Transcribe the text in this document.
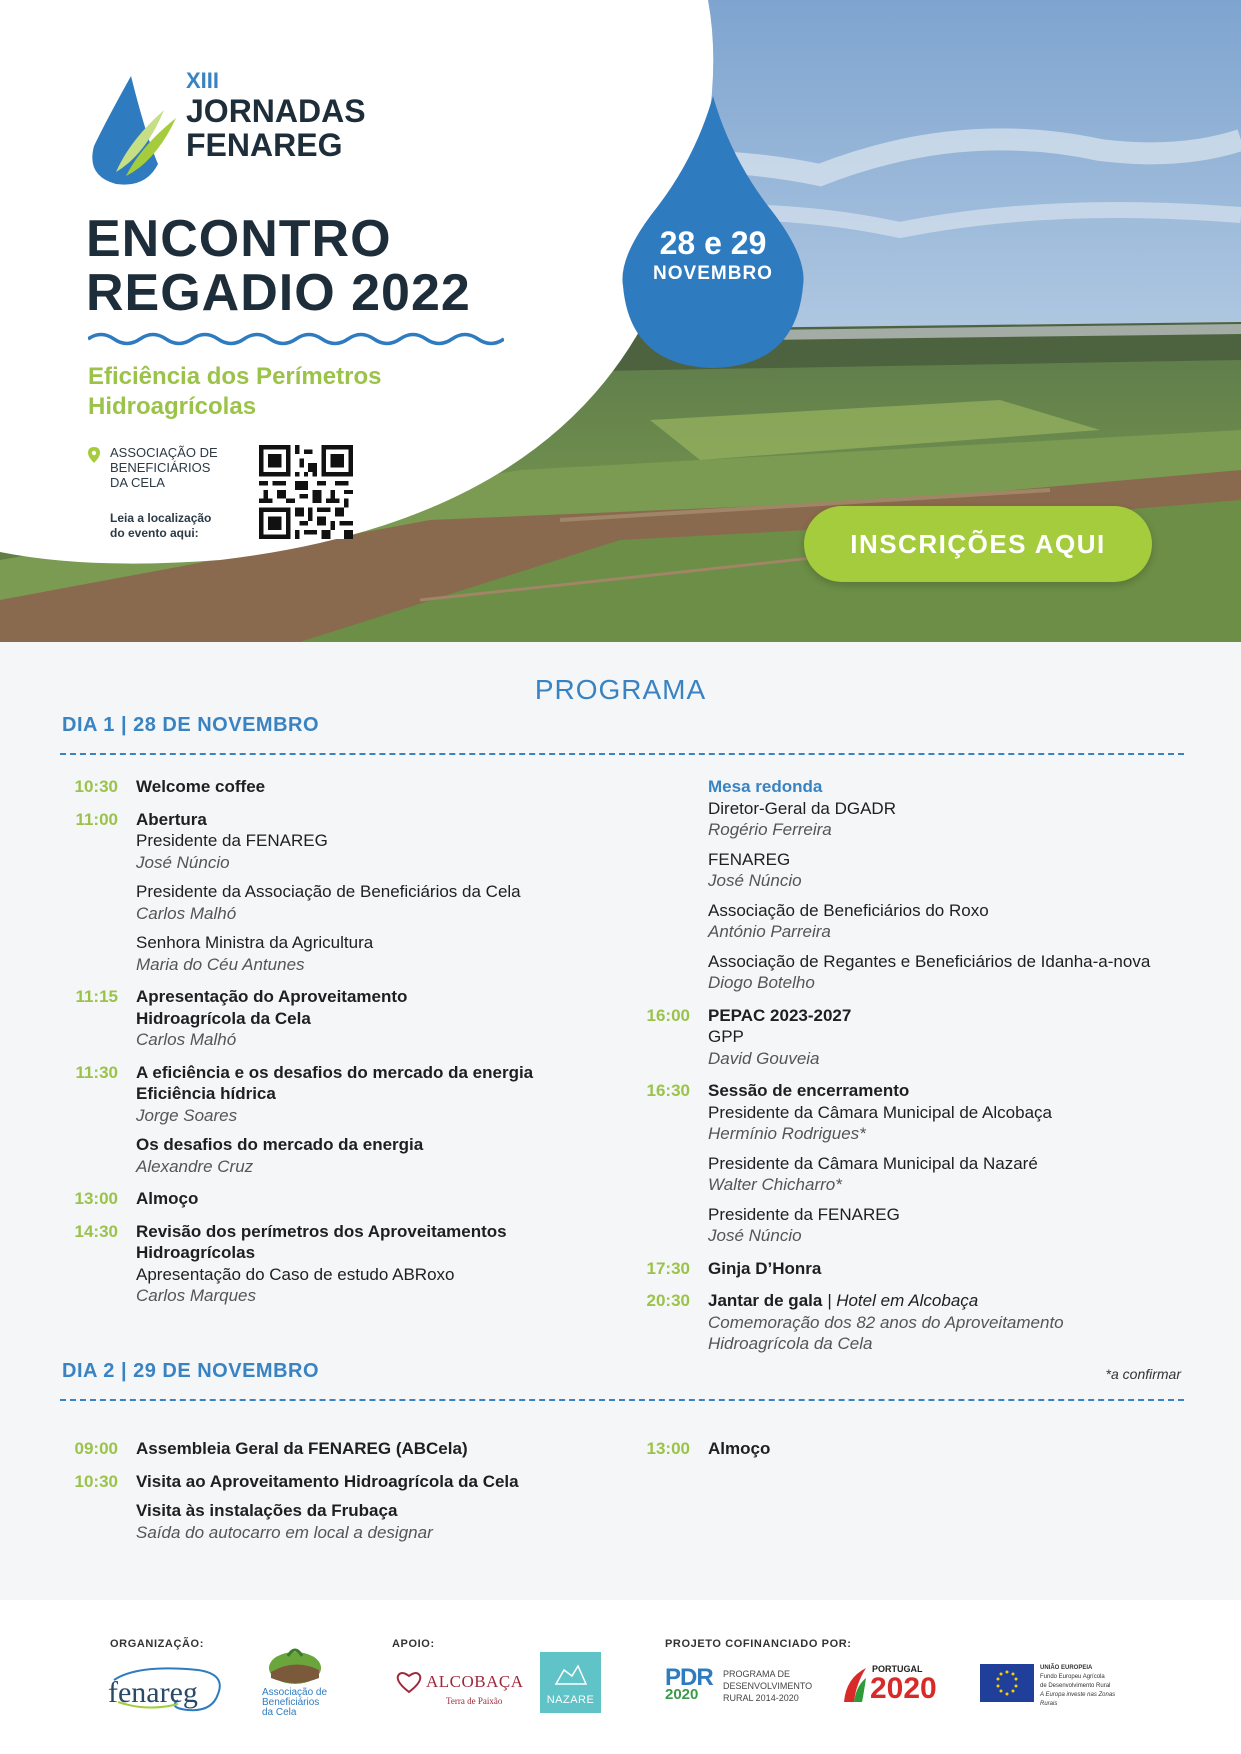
XIII
JORNADAS
FENAREG
ENCONTRO
REGADIO 2022
Eficiência dos Perímetros
Hidroagrícolas
ASSOCIAÇÃO DE
BENEFICIÁRIOS
DA CELA
Leia a localização
do evento aqui:
28 e 29
NOVEMBRO
INSCRIÇÕES AQUI
PROGRAMA
DIA 1 | 28 DE NOVEMBRO
10:30 Welcome coffee
11:00 Abertura
Presidente da FENAREG
José Núncio
Presidente da Associação de Beneficiários da Cela
Carlos Malhó
Senhora Ministra da Agricultura
Maria do Céu Antunes
11:15 Apresentação do Aproveitamento
Hidroagrícola da Cela
Carlos Malhó
11:30 A eficiência e os desafios do mercado da energia
Eficiência hídrica
Jorge Soares
Os desafios do mercado da energia
Alexandre Cruz
13:00 Almoço
14:30 Revisão dos perímetros dos Aproveitamentos
Hidroagrícolas
Apresentação do Caso de estudo ABRoxo
Carlos Marques
Mesa redonda
Diretor-Geral da DGADR
Rogério Ferreira
FENAREG
José Núncio
Associação de Beneficiários do Roxo
António Parreira
Associação de Regantes e Beneficiários de Idanha-a-nova
Diogo Botelho
16:00 PEPAC 2023-2027
GPP
David Gouveia
16:30 Sessão de encerramento
Presidente da Câmara Municipal de Alcobaça
Hermínio Rodrigues*
Presidente da Câmara Municipal da Nazaré
Walter Chicharro*
Presidente da FENAREG
José Núncio
17:30 Ginja D’Honra
20:30 Jantar de gala | Hotel em Alcobaça
Comemoração dos 82 anos do Aproveitamento
Hidroagrícola da Cela
DIA 2 | 29 DE NOVEMBRO	*a confirmar
09:00 Assembleia Geral da FENAREG (ABCela)
10:30 Visita ao Aproveitamento Hidroagrícola da Cela
Visita às instalações da Frubaça
Saída do autocarro em local a designar
13:00 Almoço
ORGANIZAÇÃO:	APOIO:	PROJETO COFINANCIADO POR:
fenareg	Associação de
Beneficiários
da Cela
ALCOBAÇA
Terra de Paixão	NAZARE
PDR
2020
PROGRAMA DE
DESENVOLVIMENTO
RURAL 2014-2020
PORTUGAL
2020
UNIÃO EUROPEIA
Fundo Europeu Agrícola
de Desenvolvimento Rural
A Europa investe nas Zonas Rurais
